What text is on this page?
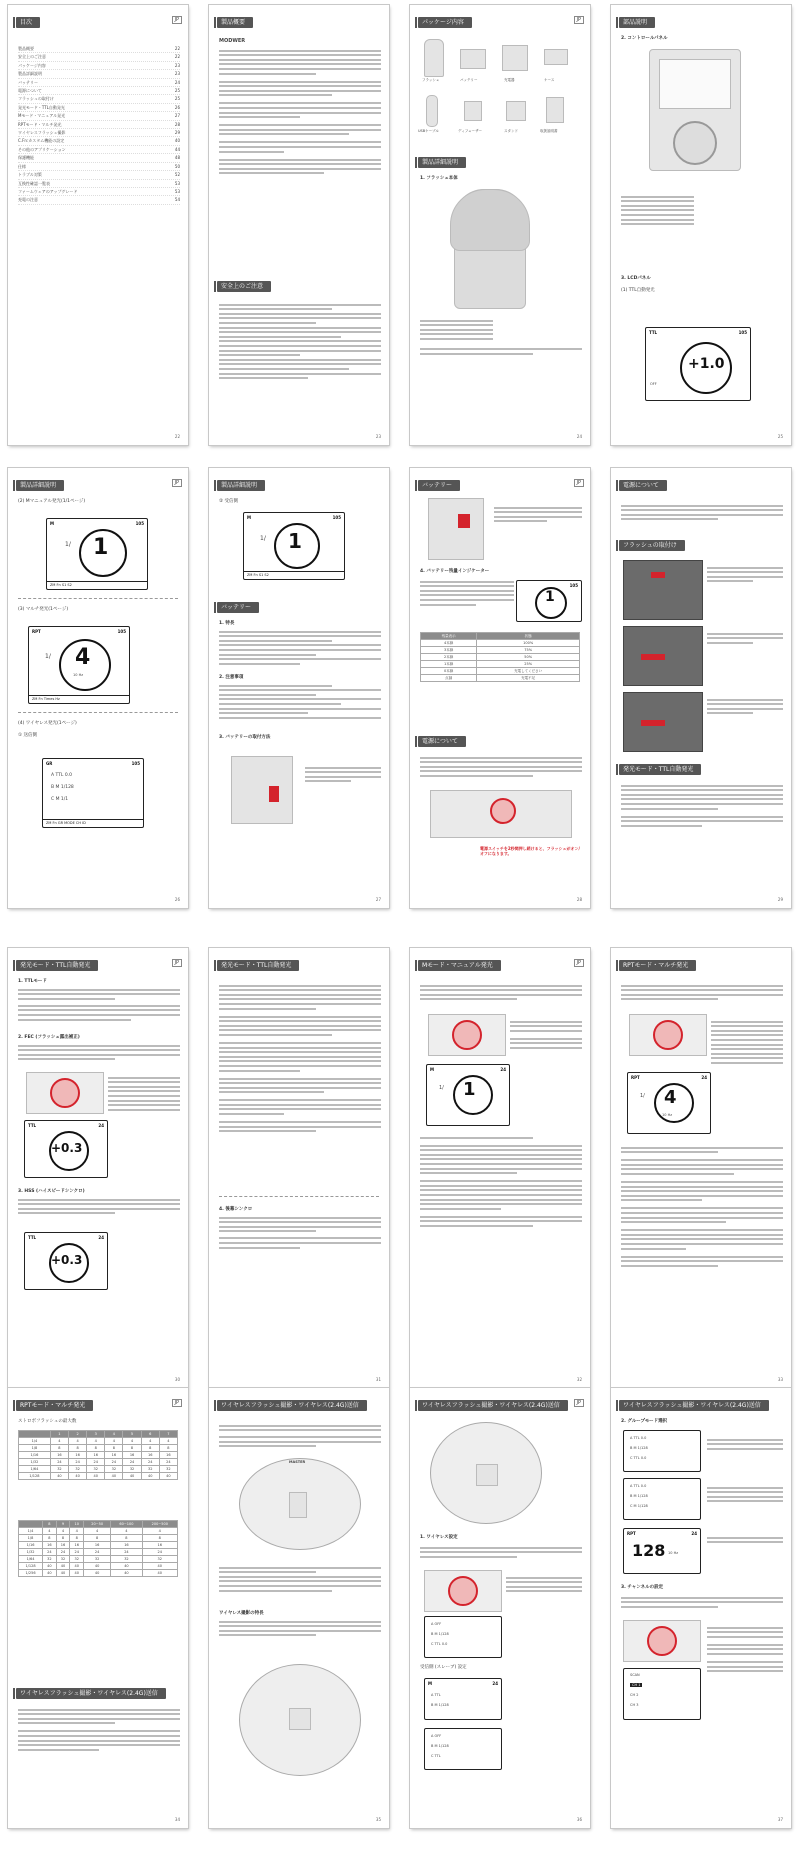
目次	JP
製品概要	22
安全上のご注意	22
パッケージ内容	23
製品詳細説明	23
バッテリー	24
電源について	25
フラッシュの取付け	25
発光モード・TTL自動発光	26
Mモード・マニュアル発光	27
RPTモード・マルチ発光	28
ワイヤレスフラッシュ撮影	29
C.Fn:カスタム機能の設定	40
その他のアプリケーション	44
保護機能	48
仕様	50
トラブル対策	52
互換性確認一覧表	53
ファームウェアのアップグレード	53
充電の注意	54
22
製品概要
MODWER
安全上のご注意
23
パッケージ内容	JP
フラッシュ	バッテリー	充電器	ケース
USBケーブル	ディフューザー	スタンド	取扱説明書
製品詳細説明
1. フラッシュ本体
24
部品説明
2. コントロールパネル
3. LCDパネル
(1) TTL自動発光
TTL	105
+1.0
OFF
25
製品詳細説明	JP
(2) Mマニュアル発光(1/1ページ)
M	105
1/ 1
ZM Fn S1 S2
(3) マルチ発光(1ページ)
RPT	105
1/ 4
10 Hz
ZM Fn Times Hz
(4) ワイヤレス発光(1ページ)
① 送信側
GR	105
A TTL 0.0
B M 1/128
C M 1/1
ZM Fn GR MODE CH ID
26
製品詳細説明
② 受信側
M	105
1/ 1
ZM Fn S1 S2
バッテリー
1. 特長
2. 注意事項
3. バッテリーの取付方法
27
バッテリー	JP
4. バッテリー残量インジケーター
105
1
残量表示	状態
4本線	100%
3本線	75%
2本線	50%
1本線	25%
0本線	充電してください
点滅	充電不足
電源について
電源スイッチを2秒間押し続けると、フラッシュがオン/オフになります。
28
電源について
フラッシュの取付け
発光モード・TTL自動発光
29
発光モード・TTL自動発光	JP
1. TTLモード
2. FEC (フラッシュ露出補正)
TTL	24
+0.3
3. HSS (ハイスピードシンクロ)
TTL	24
+0.3
30
発光モード・TTL自動発光
4. 後幕シンクロ
31
Mモード・マニュアル発光	JP
M	24
1/ 1
32
RPTモード・マルチ発光
RPT	24
1/ 4
10 Hz
33
RPTモード・マルチ発光	JP
ストロボフラッシュの最大数
	1	2	3	4	5	6	7
1/4	4	4	4	4	4	4	4
1/8	8	8	8	8	8	8	8
1/16	16	16	16	16	16	16	16
1/32	24	24	24	24	24	24	24
1/64	32	32	32	32	32	32	32
1/128	40	40	40	40	40	40	40
	8	9	10	20~50	60~100	200~500
1/4	4	4	4	4	4	4
1/8	8	8	8	8	8	8
1/16	16	16	16	16	16	16
1/32	24	24	24	24	24	24
1/64	32	32	32	32	32	32
1/128	40	40	40	40	40	40
1/256	40	40	40	40	40	40
ワイヤレスフラッシュ撮影・ワイヤレス(2.4G)送信
34
ワイヤレスフラッシュ撮影・ワイヤレス(2.4G)送信
MASTER
ワイヤレス撮影の特長
35
ワイヤレスフラッシュ撮影・ワイヤレス(2.4G)送信	JP
1. ワイヤレス設定
A OFF
B M 1/128
C TTL 0.0
受信側 (スレーブ) 設定
M	24
A TTL
B M 1/128
A OFF
B M 1/128
C TTL
36
ワイヤレスフラッシュ撮影・ワイヤレス(2.4G)送信
2. グループモード選択
A TTL 0.0
B M 1/128
C TTL 0.0
A TTL 0.0
B M 1/128
C M 1/128
RPT	24
128 10 Hz
3. チャンネルの設定
SCAN
CH 1
CH 2
CH 3
37
